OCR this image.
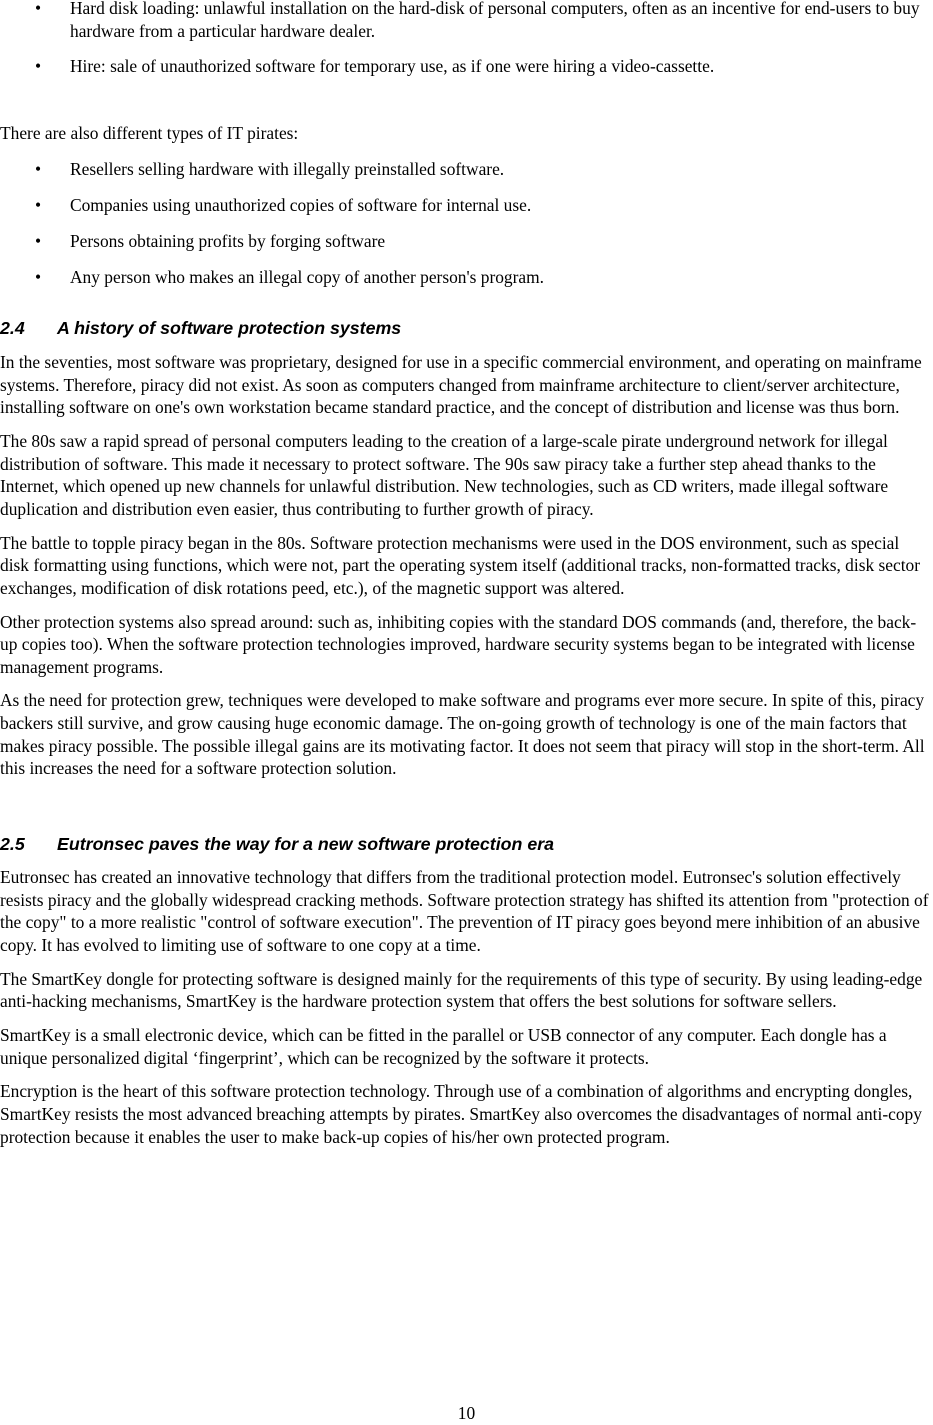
•	Hard disk loading: unlawful installation on the hard-disk of personal computers, often as an incentive for end-users to buy hardware from a particular hardware dealer.
•	Hire: sale of unauthorized software for temporary use, as if one were hiring a video-cassette.

There are also different types of IT pirates:

•	Resellers selling hardware with illegally preinstalled software.
•	Companies using unauthorized copies of software for internal use.
•	Persons obtaining profits by forging software
•	Any person who makes an illegal copy of another person's program.
2.4 A history of software protection systems

In the seventies, most software was proprietary, designed for use in a specific commercial environment, and operating on mainframe systems. Therefore, piracy did not exist. As soon as computers changed from mainframe architecture to client/server architecture, installing software on one's own workstation became standard practice, and the concept of distribution and license was thus born.

The 80s saw a rapid spread of personal computers leading to the creation of a large-scale pirate underground network for illegal distribution of software. This made it necessary to protect software. The 90s saw piracy take a further step ahead thanks to the Internet, which opened up new channels for unlawful distribution. New technologies, such as CD writers, made illegal software duplication and distribution even easier, thus contributing to further growth of piracy.

The battle to topple piracy began in the 80s. Software protection mechanisms were used in the DOS environment, such as special disk formatting using functions, which were not, part the operating system itself (additional tracks, non-formatted tracks, disk sector exchanges, modification of disk rotations peed, etc.), of the magnetic support was altered.

Other protection systems also spread around: such as, inhibiting copies with the standard DOS commands (and, therefore, the back-up copies too). When the software protection technologies improved, hardware security systems began to be integrated with license management programs.

As the need for protection grew, techniques were developed to make software and programs ever more secure. In spite of this, piracy backers still survive, and grow causing huge economic damage. The on-going growth of technology is one of the main factors that makes piracy possible. The possible illegal gains are its motivating factor. It does not seem that piracy will stop in the short-term. All this increases the need for a software protection solution.

2.5 Eutronsec paves the way for a new software protection era

Eutronsec has created an innovative technology that differs from the traditional protection model. Eutronsec's solution effectively resists piracy and the globally widespread cracking methods. Software protection strategy has shifted its attention from "protection of the copy" to a more realistic "control of software execution". The prevention of IT piracy goes beyond mere inhibition of an abusive copy. It has evolved to limiting use of software to one copy at a time.

The SmartKey dongle for protecting software is designed mainly for the requirements of this type of security. By using leading-edge anti-hacking mechanisms, SmartKey is the hardware protection system that offers the best solutions for software sellers.

SmartKey is a small electronic device, which can be fitted in the parallel or USB connector of any computer. Each dongle has a unique personalized digital ‘fingerprint’, which can be recognized by the software it protects.

Encryption is the heart of this software protection technology. Through use of a combination of algorithms and encrypting dongles, SmartKey resists the most advanced breaching attempts by pirates. SmartKey also overcomes the disadvantages of normal anti-copy protection because it enables the user to make back-up copies of his/her own protected program.

10
